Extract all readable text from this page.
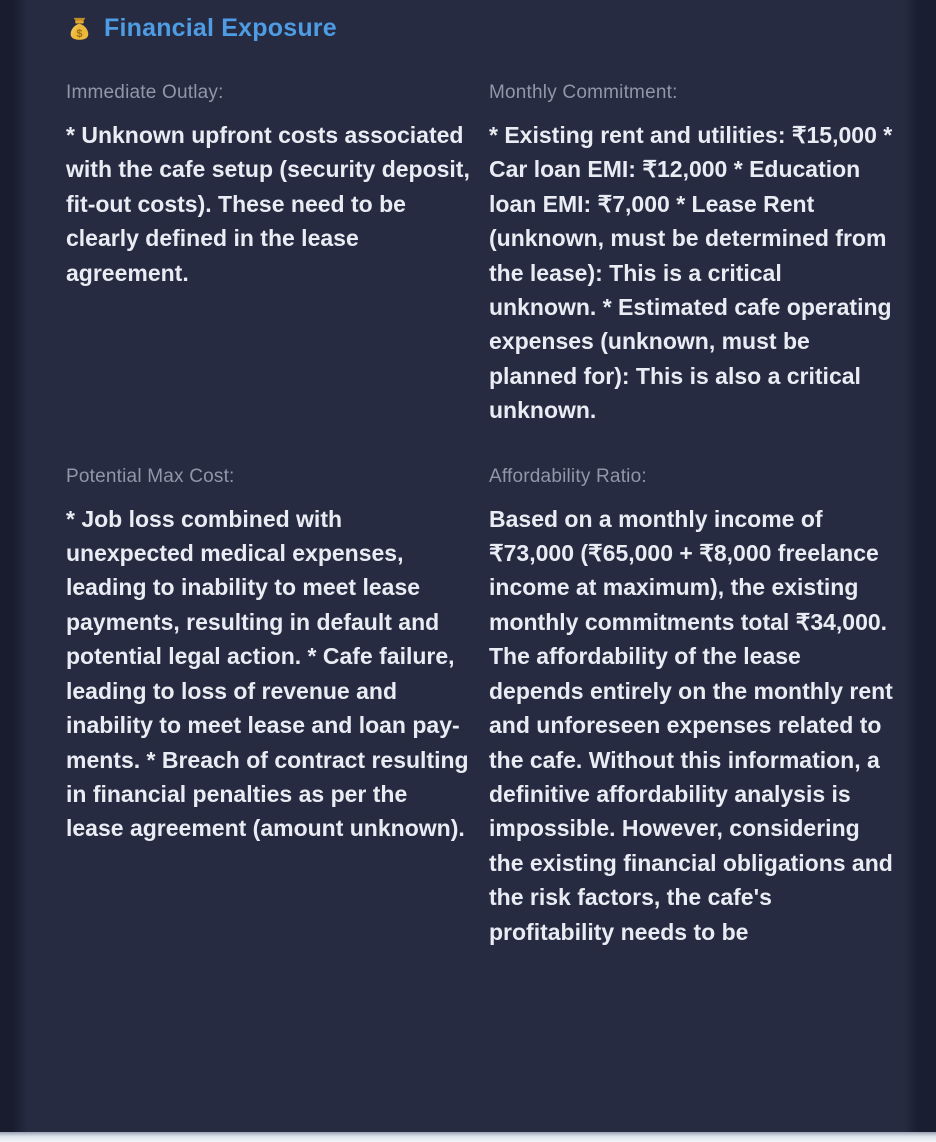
$ Financial Exposure
Immediate Outlay:
* Unknown upfront costs associated with the cafe setup (security deposit, fit-out costs). These need to be clearly defined in the lease agreement.
Monthly Commitment:
* Existing rent and utilities: ₹15,000 * Car loan EMI: ₹12,000 * Education loan EMI: ₹7,000 * Lease Rent (unknown, must be determined from the lease): This is a critical unknown. * Estimated cafe operating expenses (unknown, must be planned for): This is also a critical unknown.
Potential Max Cost:
* Job loss combined with unexpected medical expenses, leading to inability to meet lease payments, resulting in default and potential legal action. * Cafe failure, leading to loss of revenue and inability to meet lease and loan payments. * Breach of contract resulting in financial penalties as per the lease agreement (amount unknown).
Affordability Ratio:
Based on a monthly income of ₹73,000 (₹65,000 + ₹8,000 freelance income at maximum), the existing monthly commitments total ₹34,000. The affordability of the lease depends entirely on the monthly rent and unforeseen expenses related to the cafe. Without this information, a definitive affordability analysis is impossible. However, considering the existing financial obligations and the risk factors, the cafe's profitability needs to be
